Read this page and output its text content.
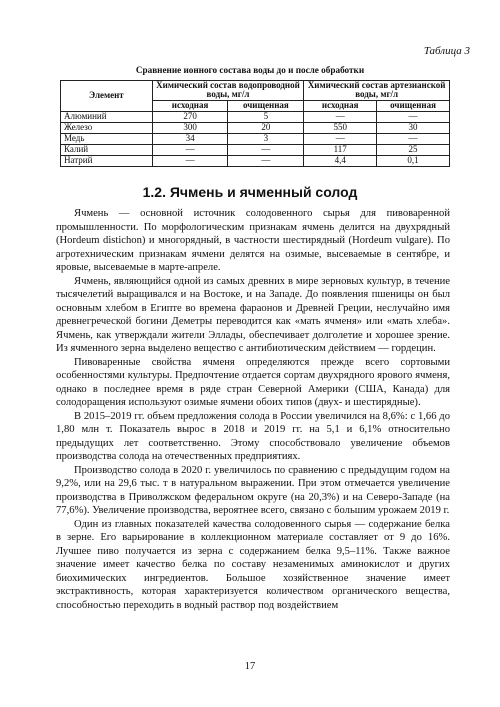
Таблица 3
Сравнение ионного состава воды до и после обработки
Элемент	Химический состав водопроводной воды, мг/л		Химический состав артезианской воды, мг/л	
	исходная	очищенная	исходная	очищенная
Алюминий	270	5	—	—
Железо	300	20	550	30
Медь	34	3	—	—
Калий	—	—	117	25
Натрий	—	—	4,4	0,1
1.2. Ячмень и ячменный солод

Ячмень — основной источник солодовенного сырья для пивоваренной промышленности. По морфологическим признакам ячмень делится на двухрядный (Hordeum distichon) и многорядный, в частности шестирядный (Hordeum vulgare). По агротехническим признакам ячмени делятся на озимые, высеваемые в сентябре, и яровые, высеваемые в марте-апреле.

Ячмень, являющийся одной из самых древних в мире зерновых культур, в течение тысячелетий выращивался и на Востоке, и на Западе. До появления пшеницы он был основным хлебом в Египте во времена фараонов и Древней Греции, неслучайно имя древнегреческой богини Деметры переводится как «мать ячменя» или «мать хлеба». Ячмень, как утверждали жители Эллады, обеспечивает долголетие и хорошее зрение. Из ячменного зерна выделено вещество с антибиотическим действием — гордецин.

Пивоваренные свойства ячменя определяются прежде всего сортовыми особенностями культуры. Предпочтение отдается сортам двухрядного ярового ячменя, однако в последнее время в ряде стран Северной Америки (США, Канада) для солодоращения используют озимые ячмени обоих типов (двух- и шестирядные).

В 2015–2019 гг. объем предложения солода в России увеличился на 8,6%: с 1,66 до 1,80 млн т. Показатель вырос в 2018 и 2019 гг. на 5,1 и 6,1% относительно предыдущих лет соответственно. Этому способствовало увеличение объемов производства солода на отечественных предприятиях.

Производство солода в 2020 г. увеличилось по сравнению с предыдущим годом на 9,2%, или на 29,6 тыс. т в натуральном выражении. При этом отмечается увеличение производства в Приволжском федеральном округе (на 20,3%) и на Северо-Западе (на 77,6%). Увеличение производства, вероятнее всего, связано с большим урожаем 2019 г.

Один из главных показателей качества солодовенного сырья — содержание белка в зерне. Его варьирование в коллекционном материале составляет от 9 до 16%. Лучшее пиво получается из зерна с содержанием белка 9,5–11%. Также важное значение имеет качество белка по составу незаменимых аминокислот и других биохимических ингредиентов. Большое хозяйственное значение имеет экстрактивность, которая характеризуется количеством органического вещества, способностью переходить в водный раствор под воздействием

17
